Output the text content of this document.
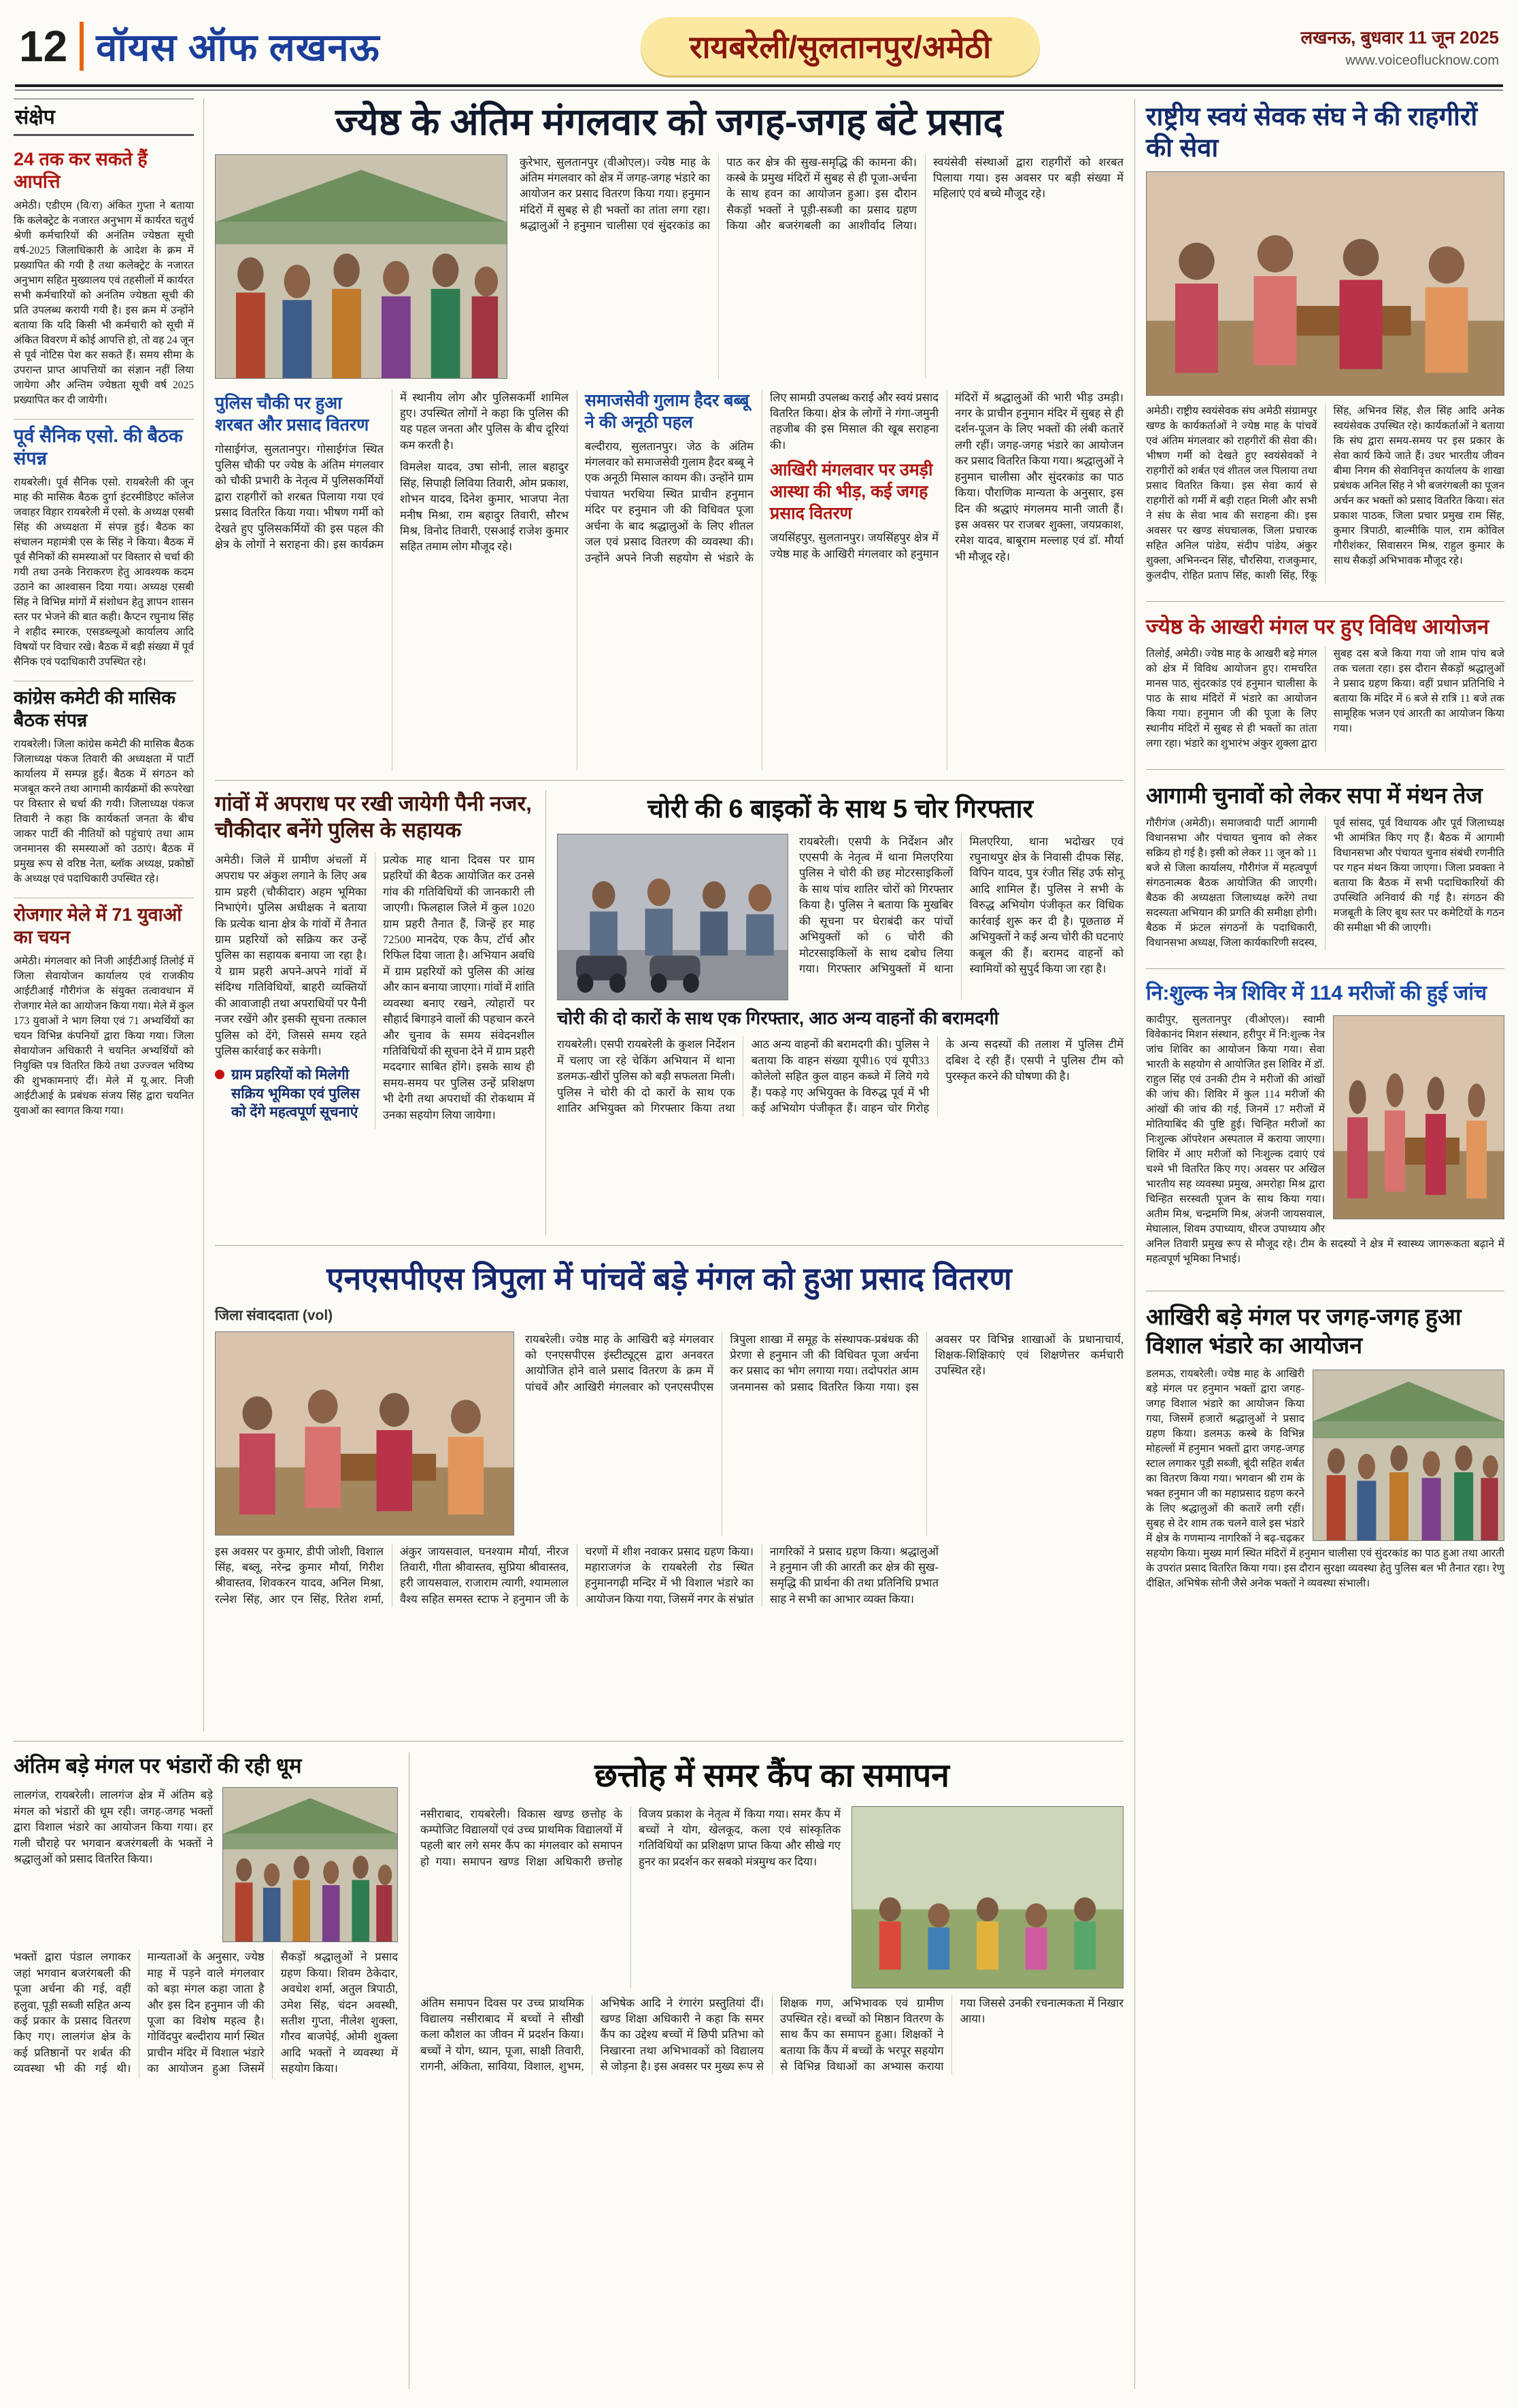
12 वॉयस ऑफ लखनऊ	रायबरेली/सुलतानपुर/अमेठी	लखनऊ, बुधवार 11 जून 2025
www.voiceoflucknow.com
संक्षेप
24 तक कर सकते हैं आपत्ति

अमेठी। एडीएम (वि/रा) अंकित गुप्ता ने बताया कि कलेक्ट्रेट के नजारत अनुभाग में कार्यरत चतुर्थ श्रेणी कर्मचारियों की अनंतिम ज्येष्ठता सूची वर्ष-2025 जिलाधिकारी के आदेश के क्रम में प्रख्यापित की गयी है तथा कलेक्ट्रेट के नजारत अनुभाग सहित मुख्यालय एवं तहसीलों में कार्यरत सभी कर्मचारियों को अनंतिम ज्येष्ठता सूची की प्रति उपलब्ध करायी गयी है। इस क्रम में उन्होंने बताया कि यदि किसी भी कर्मचारी को सूची में अंकित विवरण में कोई आपत्ति हो, तो वह 24 जून से पूर्व नोटिस पेश कर सकते हैं। समय सीमा के उपरान्त प्राप्त आपत्तियों का संज्ञान नहीं लिया जायेगा और अन्तिम ज्येष्ठता सूची वर्ष 2025 प्रख्यापित कर दी जायेगी।

पूर्व सैनिक एसो. की बैठक संपन्न

रायबरेली। पूर्व सैनिक एसो. रायबरेली की जून माह की मासिक बैठक दुर्गा इंटरमीडिएट कॉलेज जवाहर विहार रायबरेली में एसो. के अध्यक्ष एसबी सिंह की अध्यक्षता में संपन्न हुई। बैठक का संचालन महामंत्री एस के सिंह ने किया। बैठक में पूर्व सैनिकों की समस्याओं पर विस्तार से चर्चा की गयी तथा उनके निराकरण हेतु आवश्यक कदम उठाने का आश्वासन दिया गया। अध्यक्ष एसबी सिंह ने विभिन्न मांगों में संशोधन हेतु ज्ञापन शासन स्तर पर भेजने की बात कही। कैप्टन रघुनाथ सिंह ने शहीद स्मारक, एसडब्ल्यूओ कार्यालय आदि विषयों पर विचार रखे। बैठक में बड़ी संख्या में पूर्व सैनिक एवं पदाधिकारी उपस्थित रहे।

कांग्रेस कमेटी की मासिक बैठक संपन्न

रायबरेली। जिला कांग्रेस कमेटी की मासिक बैठक जिलाध्यक्ष पंकज तिवारी की अध्यक्षता में पार्टी कार्यालय में सम्पन्न हुई। बैठक में संगठन को मजबूत करने तथा आगामी कार्यक्रमों की रूपरेखा पर विस्तार से चर्चा की गयी। जिलाध्यक्ष पंकज तिवारी ने कहा कि कार्यकर्ता जनता के बीच जाकर पार्टी की नीतियों को पहुंचाएं तथा आम जनमानस की समस्याओं को उठाएं। बैठक में प्रमुख रूप से वरिष्ठ नेता, ब्लॉक अध्यक्ष, प्रकोष्ठों के अध्यक्ष एवं पदाधिकारी उपस्थित रहे।

रोजगार मेले में 71 युवाओं का चयन

अमेठी। मंगलवार को निजी आईटीआई तिलोई में जिला सेवायोजन कार्यालय एवं राजकीय आईटीआई गौरीगंज के संयुक्त तत्वावधान में रोजगार मेले का आयोजन किया गया। मेले में कुल 173 युवाओं ने भाग लिया एवं 71 अभ्यर्थियों का चयन विभिन्न कंपनियों द्वारा किया गया। जिला सेवायोजन अधिकारी ने चयनित अभ्यर्थियों को नियुक्ति पत्र वितरित किये तथा उज्ज्वल भविष्य की शुभकामनाएं दीं। मेले में यू.आर. निजी आईटीआई के प्रबंधक संजय सिंह द्वारा चयनित युवाओं का स्वागत किया गया।

ज्येष्ठ के अंतिम मंगलवार को जगह-जगह बंटे प्रसाद

कुरेभार, सुलतानपुर (वीओएल)। ज्येष्ठ माह के अंतिम मंगलवार को क्षेत्र में जगह-जगह भंडारे का आयोजन कर प्रसाद वितरण किया गया। हनुमान मंदिरों में सुबह से ही भक्तों का तांता लगा रहा। श्रद्धालुओं ने हनुमान चालीसा एवं सुंदरकांड का पाठ कर क्षेत्र की सुख-समृद्धि की कामना की। कस्बे के प्रमुख मंदिरों में सुबह से ही पूजा-अर्चना के साथ हवन का आयोजन हुआ। इस दौरान सैकड़ों भक्तों ने पूड़ी-सब्जी का प्रसाद ग्रहण किया और बजरंगबली का आशीर्वाद लिया। स्वयंसेवी संस्थाओं द्वारा राहगीरों को शरबत पिलाया गया। इस अवसर पर बड़ी संख्या में महिलाएं एवं बच्चे मौजूद रहे।

पुलिस चौकी पर हुआ शरबत और प्रसाद वितरण

गोसाईगंज, सुलतानपुर। गोसाईगंज स्थित पुलिस चौकी पर ज्येष्ठ के अंतिम मंगलवार को चौकी प्रभारी के नेतृत्व में पुलिसकर्मियों द्वारा राहगीरों को शरबत पिलाया गया एवं प्रसाद वितरित किया गया। भीषण गर्मी को देखते हुए पुलिसकर्मियों की इस पहल की क्षेत्र के लोगों ने सराहना की। इस कार्यक्रम में स्थानीय लोग और पुलिसकर्मी शामिल हुए। उपस्थित लोगों ने कहा कि पुलिस की यह पहल जनता और पुलिस के बीच दूरियां कम करती है।

विमलेश यादव, उषा सोनी, लाल बहादुर सिंह, सिपाही लिविया तिवारी, ओम प्रकाश, शोभन यादव, दिनेश कुमार, भाजपा नेता मनीष मिश्रा, राम बहादुर तिवारी, सौरभ मिश्र, विनोद तिवारी, एसआई राजेश कुमार सहित तमाम लोग मौजूद रहे।

समाजसेवी गुलाम हैदर बब्बू ने की अनूठी पहल

बल्दीराय, सुलतानपुर। जेठ के अंतिम मंगलवार को समाजसेवी गुलाम हैदर बब्बू ने एक अनूठी मिसाल कायम की। उन्होंने ग्राम पंचायत भरथिया स्थित प्राचीन हनुमान मंदिर पर हनुमान जी की विधिवत पूजा अर्चना के बाद श्रद्धालुओं के लिए शीतल जल एवं प्रसाद वितरण की व्यवस्था की। उन्होंने अपने निजी सहयोग से भंडारे के लिए सामग्री उपलब्ध कराई और स्वयं प्रसाद वितरित किया। क्षेत्र के लोगों ने गंगा-जमुनी तहजीब की इस मिसाल की खूब सराहना की।

आखिरी मंगलवार पर उमड़ी आस्था की भीड़, कई जगह प्रसाद वितरण

जयसिंहपुर, सुलतानपुर। जयसिंहपुर क्षेत्र में ज्येष्ठ माह के आखिरी मंगलवार को हनुमान मंदिरों में श्रद्धालुओं की भारी भीड़ उमड़ी। नगर के प्राचीन हनुमान मंदिर में सुबह से ही दर्शन-पूजन के लिए भक्तों की लंबी कतारें लगी रहीं। जगह-जगह भंडारे का आयोजन कर प्रसाद वितरित किया गया। श्रद्धालुओं ने हनुमान चालीसा और सुंदरकांड का पाठ किया। पौराणिक मान्यता के अनुसार, इस दिन की श्रद्धाएं मंगलमय मानी जाती हैं। इस अवसर पर राजबर शुक्ला, जयप्रकाश, रमेश यादव, बाबूराम मल्लाह एवं डॉ. मौर्या भी मौजूद रहे।

गांवों में अपराध पर रखी जायेगी पैनी नजर, चौकीदार बनेंगे पुलिस के सहायक

अमेठी। जिले में ग्रामीण अंचलों में अपराध पर अंकुश लगाने के लिए अब ग्राम प्रहरी (चौकीदार) अहम भूमिका निभाएंगे। पुलिस अधीक्षक ने बताया कि प्रत्येक थाना क्षेत्र के गांवों में तैनात ग्राम प्रहरियों को सक्रिय कर उन्हें पुलिस का सहायक बनाया जा रहा है। ये ग्राम प्रहरी अपने-अपने गांवों में संदिग्ध गतिविधियों, बाहरी व्यक्तियों की आवाजाही तथा अपराधियों पर पैनी नजर रखेंगे और इसकी सूचना तत्काल पुलिस को देंगे, जिससे समय रहते पुलिस कार्रवाई कर सकेगी।

ग्राम प्रहरियों को मिलेगी सक्रिय भूमिका एवं पुलिस को देंगे महत्वपूर्ण सूचनाएं

प्रत्येक माह थाना दिवस पर ग्राम प्रहरियों की बैठक आयोजित कर उनसे गांव की गतिविधियों की जानकारी ली जाएगी। फिलहाल जिले में कुल 1020 ग्राम प्रहरी तैनात हैं, जिन्हें हर माह 72500 मानदेय, एक कैप, टॉर्च और रिफिल दिया जाता है। अभियान अवधि में ग्राम प्रहरियों को पुलिस की आंख और कान बनाया जाएगा। गांवों में शांति व्यवस्था बनाए रखने, त्योहारों पर सौहार्द बिगाड़ने वालों की पहचान करने और चुनाव के समय संवेदनशील गतिविधियों की सूचना देने में ग्राम प्रहरी मददगार साबित होंगे। इसके साथ ही समय-समय पर पुलिस उन्हें प्रशिक्षण भी देगी तथा अपराधों की रोकथाम में उनका सहयोग लिया जायेगा।

चोरी की 6 बाइकों के साथ 5 चोर गिरफ्तार

रायबरेली। एसपी के निर्देशन और एएसपी के नेतृत्व में थाना मिलएरिया पुलिस ने चोरी की छह मोटरसाइकिलों के साथ पांच शातिर चोरों को गिरफ्तार किया है। पुलिस ने बताया कि मुखबिर की सूचना पर घेराबंदी कर पांचों अभियुक्तों को 6 चोरी की मोटरसाइकिलों के साथ दबोच लिया गया। गिरफ्तार अभियुक्तों में थाना मिलएरिया, थाना भदोखर एवं रघुनाथपुर क्षेत्र के निवासी दीपक सिंह, विपिन यादव, पुत्र रंजीत सिंह उर्फ सोनू आदि शामिल हैं। पुलिस ने सभी के विरुद्ध अभियोग पंजीकृत कर विधिक कार्रवाई शुरू कर दी है। पूछताछ में अभियुक्तों ने कई अन्य चोरी की घटनाएं कबूल की हैं। बरामद वाहनों को स्वामियों को सुपुर्द किया जा रहा है।

चोरी की दो कारों के साथ एक गिरफ्तार, आठ अन्य वाहनों की बरामदगी

रायबरेली। एसपी रायबरेली के कुशल निर्देशन में चलाए जा रहे चेकिंग अभियान में थाना डलमऊ-खीरों पुलिस को बड़ी सफलता मिली। पुलिस ने चोरी की दो कारों के साथ एक शातिर अभियुक्त को गिरफ्तार किया तथा आठ अन्य वाहनों की बरामदगी की। पुलिस ने बताया कि वाहन संख्या यूपी16 एवं यूपी33 कोलेलो सहित कुल वाहन कब्जे में लिये गये हैं। पकड़े गए अभियुक्त के विरुद्ध पूर्व में भी कई अभियोग पंजीकृत हैं। वाहन चोर गिरोह के अन्य सदस्यों की तलाश में पुलिस टीमें दबिश दे रही हैं। एसपी ने पुलिस टीम को पुरस्कृत करने की घोषणा की है।

एनएसपीएस त्रिपुला में पांचवें बड़े मंगल को हुआ प्रसाद वितरण
जिला संवाददाता (vol)

रायबरेली। ज्येष्ठ माह के आखिरी बड़े मंगलवार को एनएसपीएस इंस्टीट्यूट्स द्वारा अनवरत आयोजित होने वाले प्रसाद वितरण के क्रम में पांचवें और आखिरी मंगलवार को एनएसपीएस त्रिपुला शाखा में समूह के संस्थापक-प्रबंधक की प्रेरणा से हनुमान जी की विधिवत पूजा अर्चना कर प्रसाद का भोग लगाया गया। तदोपरांत आम जनमानस को प्रसाद वितरित किया गया। इस अवसर पर विभिन्न शाखाओं के प्रधानाचार्य, शिक्षक-शिक्षिकाएं एवं शिक्षणेत्तर कर्मचारी उपस्थित रहे।

इस अवसर पर कुमार, डीपी जोशी, विशाल सिंह, बब्लू, नरेन्द्र कुमार मौर्या, गिरीश श्रीवास्तव, शिवकरन यादव, अनिल मिश्रा, रत्नेश सिंह, आर एन सिंह, रितेश शर्मा, अंकुर जायसवाल, घनश्याम मौर्या, नीरज तिवारी, गीता श्रीवास्तव, सुप्रिया श्रीवास्तव, हरी जायसवाल, राजाराम त्यागी, श्यामलाल वैश्य सहित समस्त स्टाफ ने हनुमान जी के चरणों में शीश नवाकर प्रसाद ग्रहण किया। महाराजगंज के रायबरेली रोड स्थित हनुमानगढ़ी मन्दिर में भी विशाल भंडारे का आयोजन किया गया, जिसमें नगर के संभ्रांत नागरिकों ने प्रसाद ग्रहण किया। श्रद्धालुओं ने हनुमान जी की आरती कर क्षेत्र की सुख-समृद्धि की प्रार्थना की तथा प्रतिनिधि प्रभात साह ने सभी का आभार व्यक्त किया।

अंतिम बड़े मंगल पर भंडारों की रही धूम

लालगंज, रायबरेली। लालगंज क्षेत्र में अंतिम बड़े मंगल को भंडारों की धूम रही। जगह-जगह भक्तों द्वारा विशाल भंडारे का आयोजन किया गया। हर गली चौराहे पर भगवान बजरंगबली के भक्तों ने श्रद्धालुओं को प्रसाद वितरित किया।

भक्तों द्वारा पंडाल लगाकर जहां भगवान बजरंगबली की पूजा अर्चना की गई, वहीं हलुवा, पूड़ी सब्जी सहित अन्य कई प्रकार के प्रसाद वितरण किए गए। लालगंज क्षेत्र के कई प्रतिष्ठानों पर शर्बत की व्यवस्था भी की गई थी। मान्यताओं के अनुसार, ज्येष्ठ माह में पड़ने वाले मंगलवार को बड़ा मंगल कहा जाता है और इस दिन हनुमान जी की पूजा का विशेष महत्व है। गोविंदपुर बल्दीराय मार्ग स्थित प्राचीन मंदिर में विशाल भंडारे का आयोजन हुआ जिसमें सैकड़ों श्रद्धालुओं ने प्रसाद ग्रहण किया। शिवम ठेकेदार, अवधेश शर्मा, अतुल त्रिपाठी, उमेश सिंह, चंदन अवस्थी, सतीश गुप्ता, नीलेश शुक्ला, गौरव बाजपेई, ओमी शुक्ला आदि भक्तों ने व्यवस्था में सहयोग किया।

छत्तोह में समर कैंप का समापन

नसीराबाद, रायबरेली। विकास खण्ड छत्तोह के कम्पोजिट विद्यालयों एवं उच्च प्राथमिक विद्यालयों में पहली बार लगे समर कैंप का मंगलवार को समापन हो गया। समापन खण्ड शिक्षा अधिकारी छत्तोह विजय प्रकाश के नेतृत्व में किया गया। समर कैंप में बच्चों ने योग, खेलकूद, कला एवं सांस्कृतिक गतिविधियों का प्रशिक्षण प्राप्त किया और सीखे गए हुनर का प्रदर्शन कर सबको मंत्रमुग्ध कर दिया।

अंतिम समापन दिवस पर उच्च प्राथमिक विद्यालय नसीराबाद में बच्चों ने सीखी कला कौशल का जीवन में प्रदर्शन किया। बच्चों ने योग, ध्यान, पूजा, साक्षी तिवारी, रागनी, अंकिता, साविया, विशाल, शुभम, अभिषेक आदि ने रंगारंग प्रस्तुतियां दीं। खण्ड शिक्षा अधिकारी ने कहा कि समर कैंप का उद्देश्य बच्चों में छिपी प्रतिभा को निखारना तथा अभिभावकों को विद्यालय से जोड़ना है। इस अवसर पर मुख्य रूप से शिक्षक गण, अभिभावक एवं ग्रामीण उपस्थित रहे। बच्चों को मिष्ठान वितरण के साथ कैंप का समापन हुआ। शिक्षकों ने बताया कि कैंप में बच्चों के भरपूर सहयोग से विभिन्न विधाओं का अभ्यास कराया गया जिससे उनकी रचनात्मकता में निखार आया।

राष्ट्रीय स्वयं सेवक संघ ने की राहगीरों की सेवा

अमेठी। राष्ट्रीय स्वयंसेवक संघ अमेठी संग्रामपुर खण्ड के कार्यकर्ताओं ने ज्येष्ठ माह के पांचवें एवं अंतिम मंगलवार को राहगीरों की सेवा की। भीषण गर्मी को देखते हुए स्वयंसेवकों ने राहगीरों को शर्बत एवं शीतल जल पिलाया तथा प्रसाद वितरित किया। इस सेवा कार्य से राहगीरों को गर्मी में बड़ी राहत मिली और सभी ने संघ के सेवा भाव की सराहना की। इस अवसर पर खण्ड संघचालक, जिला प्रचारक सहित अनिल पांडेय, संदीप पांडेय, अंकुर शुक्ला, अभिनन्दन सिंह, चौरसिया, राजकुमार, कुलदीप, रोहित प्रताप सिंह, काशी सिंह, रिंकू सिंह, अभिनव सिंह, शैल सिंह आदि अनेक स्वयंसेवक उपस्थित रहे। कार्यकर्ताओं ने बताया कि संघ द्वारा समय-समय पर इस प्रकार के सेवा कार्य किये जाते हैं। उधर भारतीय जीवन बीमा निगम की सेवानिवृत्त कार्यालय के शाखा प्रबंधक अनिल सिंह ने भी बजरंगबली का पूजन अर्चन कर भक्तों को प्रसाद वितरित किया। संत प्रकाश पाठक, जिला प्रचार प्रमुख राम सिंह, कुमार त्रिपाठी, बाल्मीकि पाल, राम कोविल गौरीशंकर, सिवासरन मिश्र, राहुल कुमार के साथ सैकड़ों अभिभावक मौजूद रहे।

ज्येष्ठ के आखरी मंगल पर हुए विविध आयोजन

तिलोई, अमेठी। ज्येष्ठ माह के आखरी बड़े मंगल को क्षेत्र में विविध आयोजन हुए। रामचरित मानस पाठ, सुंदरकांड एवं हनुमान चालीसा के पाठ के साथ मंदिरों में भंडारे का आयोजन किया गया। हनुमान जी की पूजा के लिए स्थानीय मंदिरों में सुबह से ही भक्तों का तांता लगा रहा। भंडारे का शुभारंभ अंकुर शुक्ला द्वारा सुबह दस बजे किया गया जो शाम पांच बजे तक चलता रहा। इस दौरान सैकड़ों श्रद्धालुओं ने प्रसाद ग्रहण किया। वहीं प्रधान प्रतिनिधि ने बताया कि मंदिर में 6 बजे से रात्रि 11 बजे तक सामूहिक भजन एवं आरती का आयोजन किया गया।

आगामी चुनावों को लेकर सपा में मंथन तेज

गौरीगंज (अमेठी)। समाजवादी पार्टी आगामी विधानसभा और पंचायत चुनाव को लेकर सक्रिय हो गई है। इसी को लेकर 11 जून को 11 बजे से जिला कार्यालय, गौरीगंज में महत्वपूर्ण संगठनात्मक बैठक आयोजित की जाएगी। बैठक की अध्यक्षता जिलाध्यक्ष करेंगे तथा सदस्यता अभियान की प्रगति की समीक्षा होगी। बैठक में फ्रंटल संगठनों के पदाधिकारी, विधानसभा अध्यक्ष, जिला कार्यकारिणी सदस्य, पूर्व सांसद, पूर्व विधायक और पूर्व जिलाध्यक्ष भी आमंत्रित किए गए हैं। बैठक में आगामी विधानसभा और पंचायत चुनाव संबंधी रणनीति पर गहन मंथन किया जाएगा। जिला प्रवक्ता ने बताया कि बैठक में सभी पदाधिकारियों की उपस्थिति अनिवार्य की गई है। संगठन की मजबूती के लिए बूथ स्तर पर कमेटियों के गठन की समीक्षा भी की जाएगी।

नि:शुल्क नेत्र शिविर में 114 मरीजों की हुई जांच

कादीपुर, सुलतानपुर (वीओएल)। स्वामी विवेकानंद मिशन संस्थान, हरीपुर में नि:शुल्क नेत्र जांच शिविर का आयोजन किया गया। सेवा भारती के सहयोग से आयोजित इस शिविर में डॉ. राहुल सिंह एवं उनकी टीम ने मरीजों की आंखों की जांच की। शिविर में कुल 114 मरीजों की आंखों की जांच की गई, जिनमें 17 मरीजों में मोतियाबिंद की पुष्टि हुई। चिन्हित मरीजों का निःशुल्क ऑपरेशन अस्पताल में कराया जाएगा। शिविर में आए मरीजों को निःशुल्क दवाएं एवं चश्मे भी वितरित किए गए। अवसर पर अखिल भारतीय सह व्यवस्था प्रमुख, अमरोहा मिश्र द्वारा चिन्हित सरस्वती पूजन के साथ किया गया। अतीम मिश्र, चन्द्रमणि मिश्र, अंजनी जायसवाल, मेघालाल, शिवम उपाध्याय, धीरज उपाध्याय और अनिल तिवारी प्रमुख रूप से मौजूद रहे। टीम के सदस्यों ने क्षेत्र में स्वास्थ्य जागरूकता बढ़ाने में महत्वपूर्ण भूमिका निभाई।

आखिरी बड़े मंगल पर जगह-जगह हुआ विशाल भंडारे का आयोजन

डलमऊ, रायबरेली। ज्येष्ठ माह के आखिरी बड़े मंगल पर हनुमान भक्तों द्वारा जगह-जगह विशाल भंडारे का आयोजन किया गया, जिसमें हजारों श्रद्धालुओं ने प्रसाद ग्रहण किया। डलमऊ कस्बे के विभिन्न मोहल्लों में हनुमान भक्तों द्वारा जगह-जगह स्टाल लगाकर पूड़ी सब्जी, बूंदी सहित शर्बत का वितरण किया गया। भगवान श्री राम के भक्त हनुमान जी का महाप्रसाद ग्रहण करने के लिए श्रद्धालुओं की कतारें लगी रहीं। सुबह से देर शाम तक चलने वाले इस भंडारे में क्षेत्र के गणमान्य नागरिकों ने बढ़-चढ़कर सहयोग किया। मुख्य मार्ग स्थित मंदिरों में हनुमान चालीसा एवं सुंदरकांड का पाठ हुआ तथा आरती के उपरांत प्रसाद वितरित किया गया। इस दौरान सुरक्षा व्यवस्था हेतु पुलिस बल भी तैनात रहा। रेणु दीक्षित, अभिषेक सोनी जैसे अनेक भक्तों ने व्यवस्था संभाली।
